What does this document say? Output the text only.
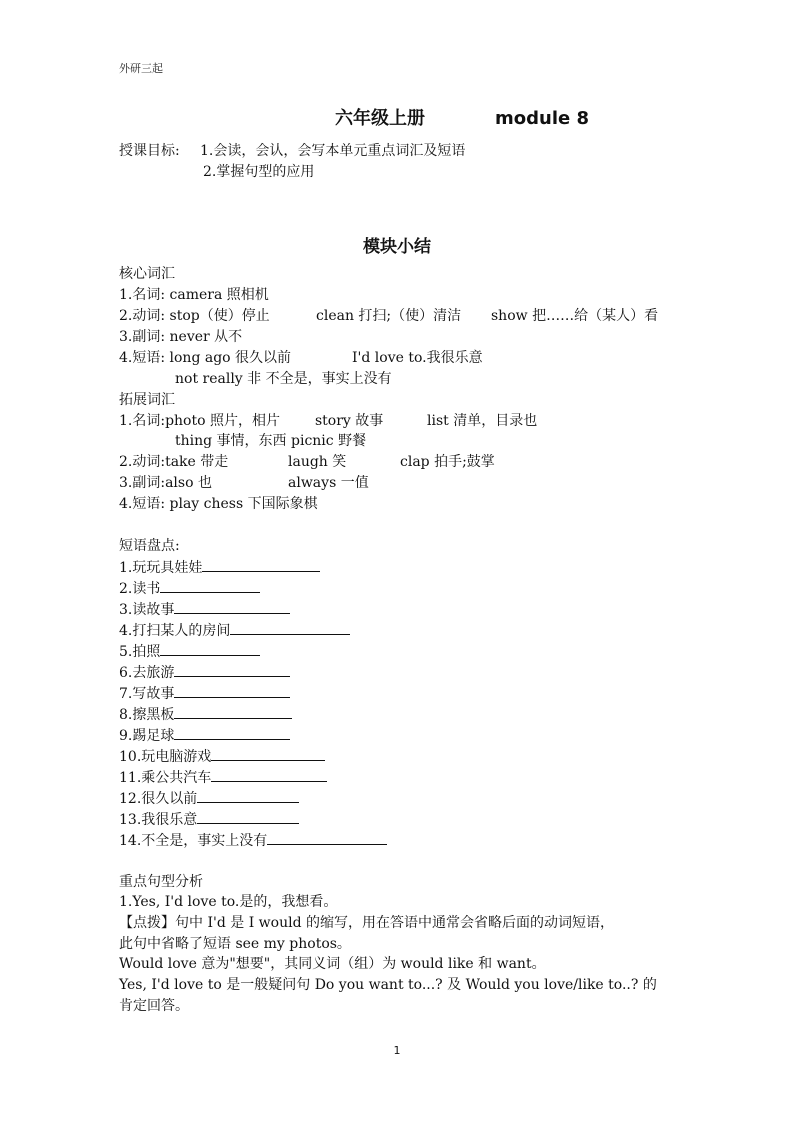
外研三起
六年级上册	module 8
授课目标: 1.会读，会认，会写本单元重点词汇及短语
2.掌握句型的应用
模块小结
核心词汇
1.名词: camera 照相机
2.动词: stop（使）停止	clean 打扫;（使）清洁 show 把……给（某人）看
3.副词: never 从不
4.短语: long ago 很久以前	I'd love to.我很乐意
not really 非 不全是，事实上没有
拓展词汇
1.名词:photo 照片，相片	story 故事	list 清单，目录也
thing 事情，东西 picnic 野餐
2.动词:take 带走	laugh 笑	clap 拍手;鼓掌
3.副词:also 也	always 一值
4.短语: play chess 下国际象棋
短语盘点:
1.玩玩具娃娃
2.读书
3.读故事
4.打扫某人的房间
5.拍照
6.去旅游
7.写故事
8.擦黑板
9.踢足球
10.玩电脑游戏
11.乘公共汽车
12.很久以前
13.我很乐意
14.不全是，事实上没有
重点句型分析
1.Yes, I'd love to.是的，我想看。
【点拨】句中 I'd 是 I would 的缩写，用在答语中通常会省略后面的动词短语，
此句中省略了短语 see my photos。
Would love 意为"想要"，其同义词（组）为 would like 和 want。
Yes, I'd love to 是一般疑问句 Do you want to...? 及 Would you love/like to..? 的
肯定回答。
1
